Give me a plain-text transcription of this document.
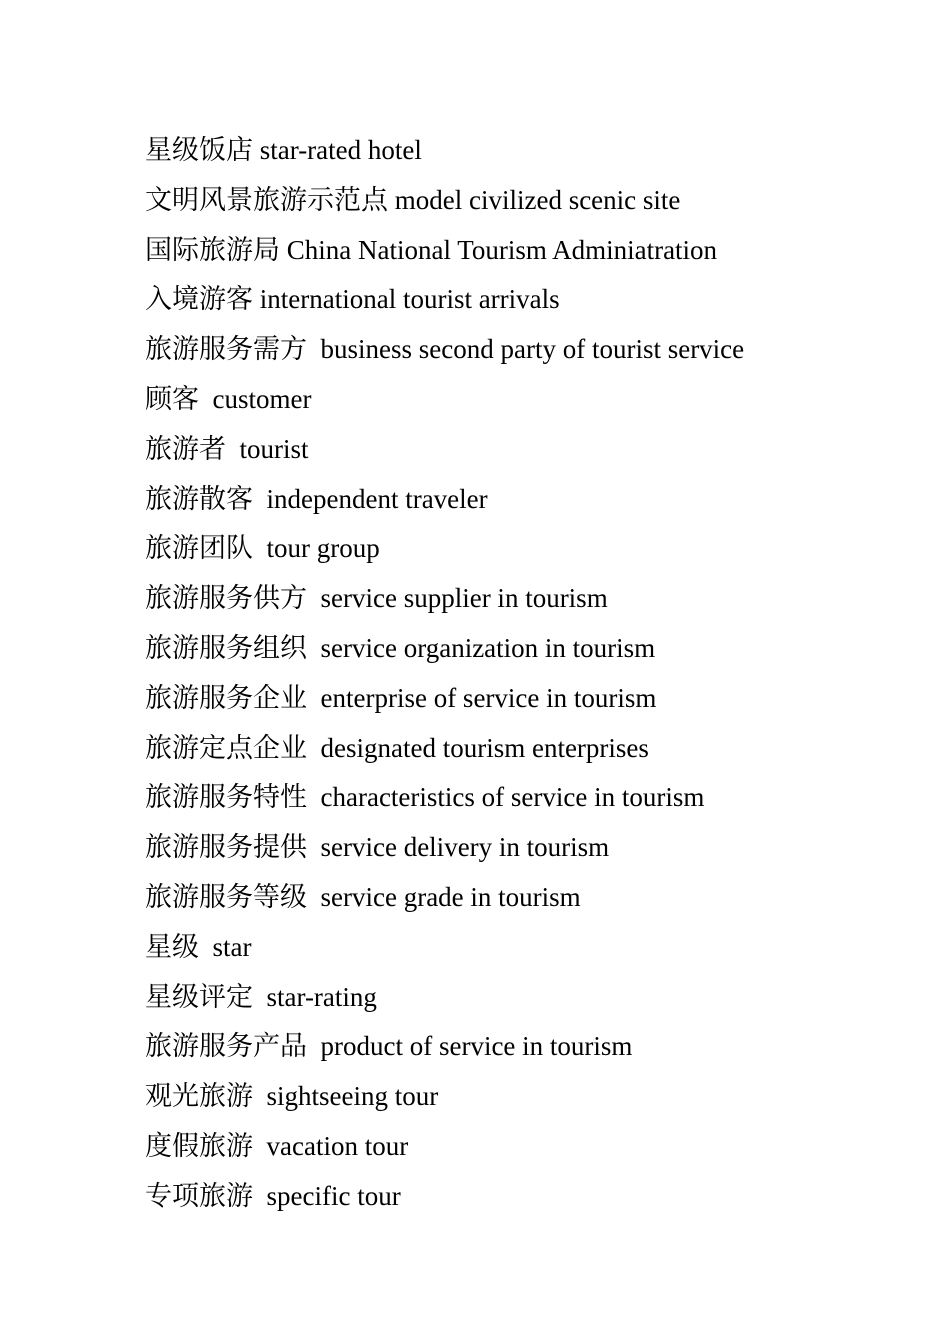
星级饭店 star-rated hotel
文明风景旅游示范点 model civilized scenic site
国际旅游局 China National Tourism Adminiatration
入境游客 international tourist arrivals
旅游服务需方  business second party of tourist service
顾客  customer
旅游者  tourist
旅游散客  independent traveler
旅游团队  tour group
旅游服务供方  service supplier in tourism
旅游服务组织  service organization in tourism
旅游服务企业  enterprise of service in tourism
旅游定点企业  designated tourism enterprises
旅游服务特性  characteristics of service in tourism
旅游服务提供  service delivery in tourism
旅游服务等级  service grade in tourism
星级  star
星级评定  star-rating
旅游服务产品  product of service in tourism
观光旅游  sightseeing tour
度假旅游  vacation tour
专项旅游  specific tour
